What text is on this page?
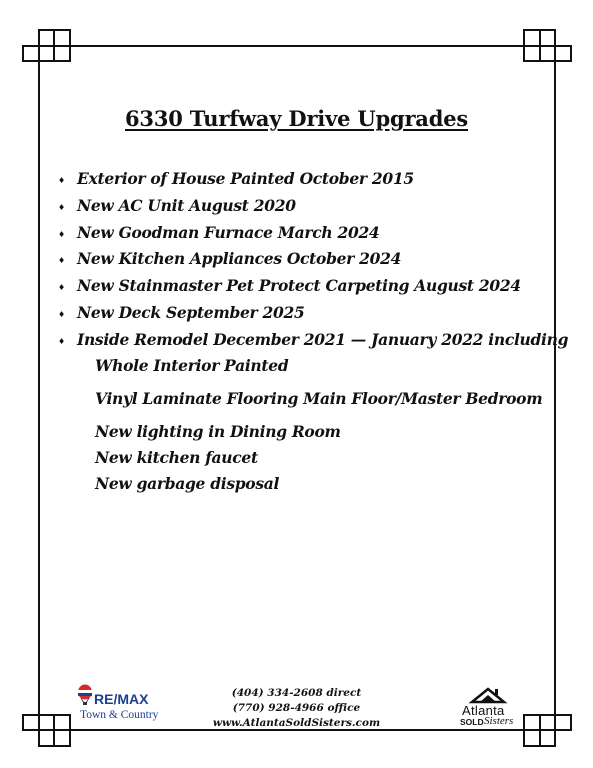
6330 Turfway Drive Upgrades
♦ Exterior of House Painted October 2015
♦ New AC Unit August 2020
♦ New Goodman Furnace March 2024
♦ New Kitchen Appliances October 2024
♦ New Stainmaster Pet Protect Carpeting August 2024
♦ New Deck September 2025
♦ Inside Remodel December 2021 — January 2022 including
Whole Interior Painted
Vinyl Laminate Flooring Main Floor/Master Bedroom
New lighting in Dining Room
New kitchen faucet
New garbage disposal
RE/MAX
Town & Country
(404) 334-2608 direct
(770) 928-4966 office
www.AtlantaSoldSisters.com
Atlanta
SOLD Sisters
